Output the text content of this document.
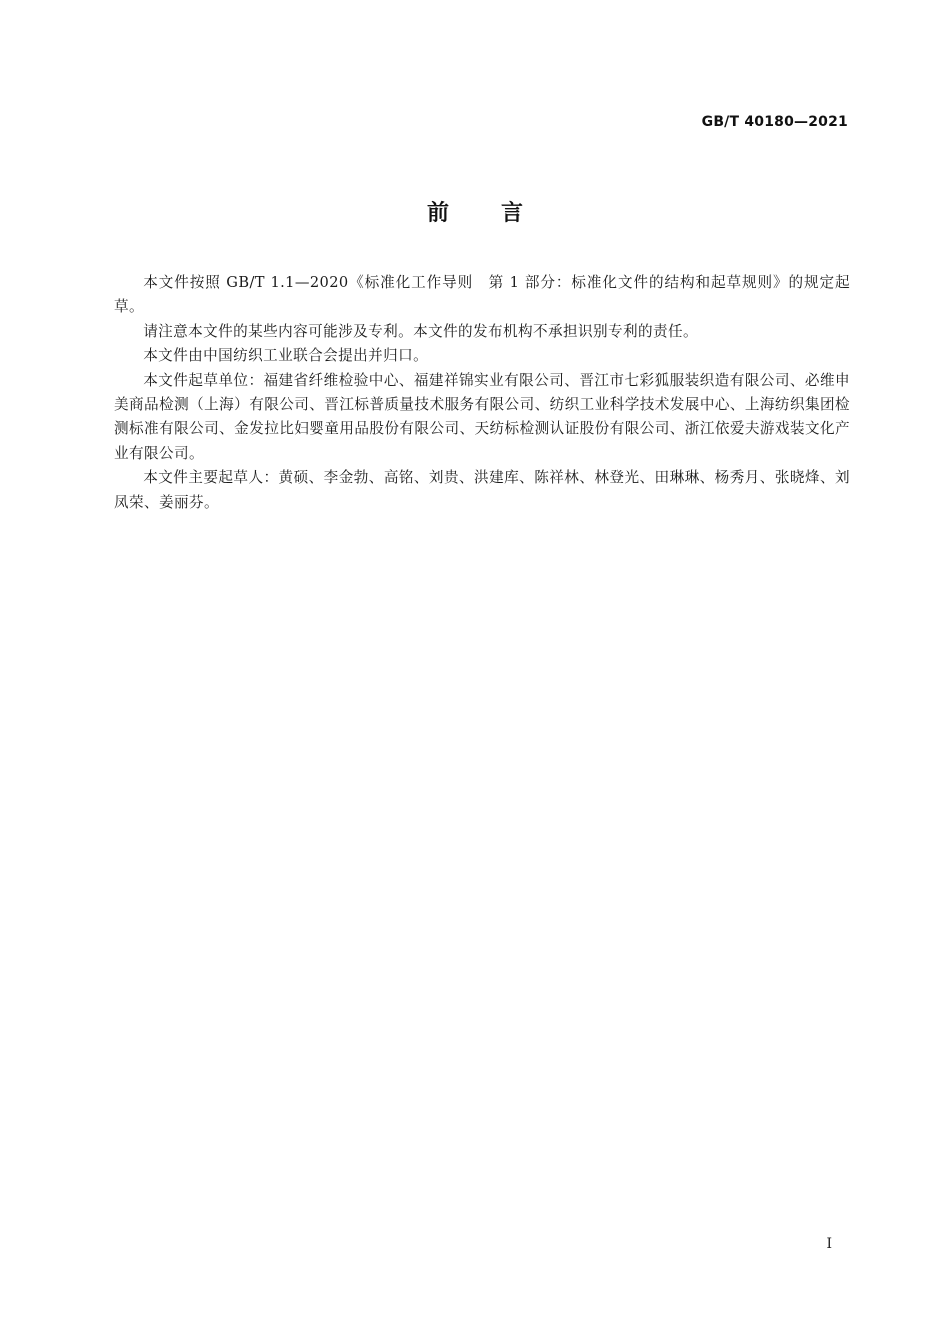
GB/T 40180—2021
前言

本文件按照 GB/T 1.1—2020《标准化工作导则　第 1 部分：标准化文件的结构和起草规则》的规定起草。

请注意本文件的某些内容可能涉及专利。本文件的发布机构不承担识别专利的责任。

本文件由中国纺织工业联合会提出并归口。

本文件起草单位：福建省纤维检验中心、福建祥锦实业有限公司、晋江市七彩狐服装织造有限公司、必维申美商品检测（上海）有限公司、晋江标普质量技术服务有限公司、纺织工业科学技术发展中心、上海纺织集团检测标准有限公司、金发拉比妇婴童用品股份有限公司、天纺标检测认证股份有限公司、浙江依爱夫游戏装文化产业有限公司。

本文件主要起草人：黄硕、李金勃、高铭、刘贵、洪建库、陈祥林、林登光、田琳琳、杨秀月、张晓烽、刘凤荣、姜丽芬。

I
